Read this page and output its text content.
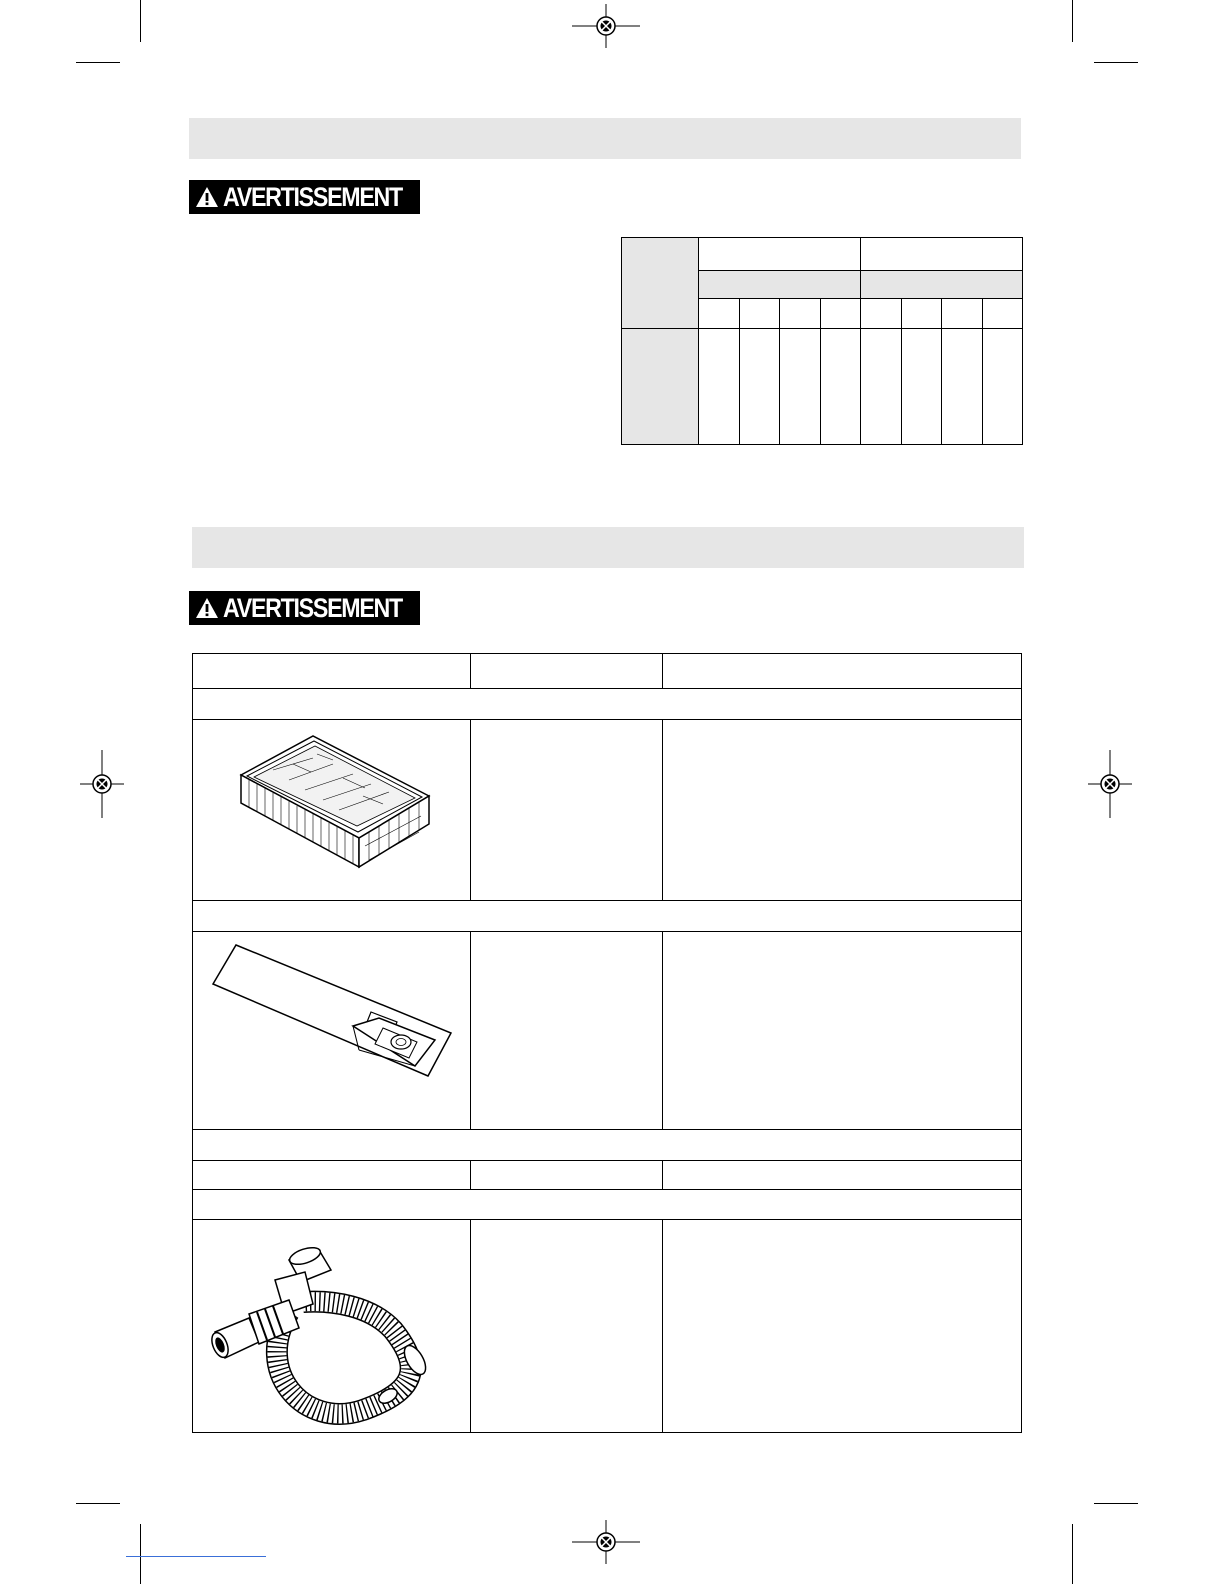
AVERTISSEMENT

AVERTISSEMENT
